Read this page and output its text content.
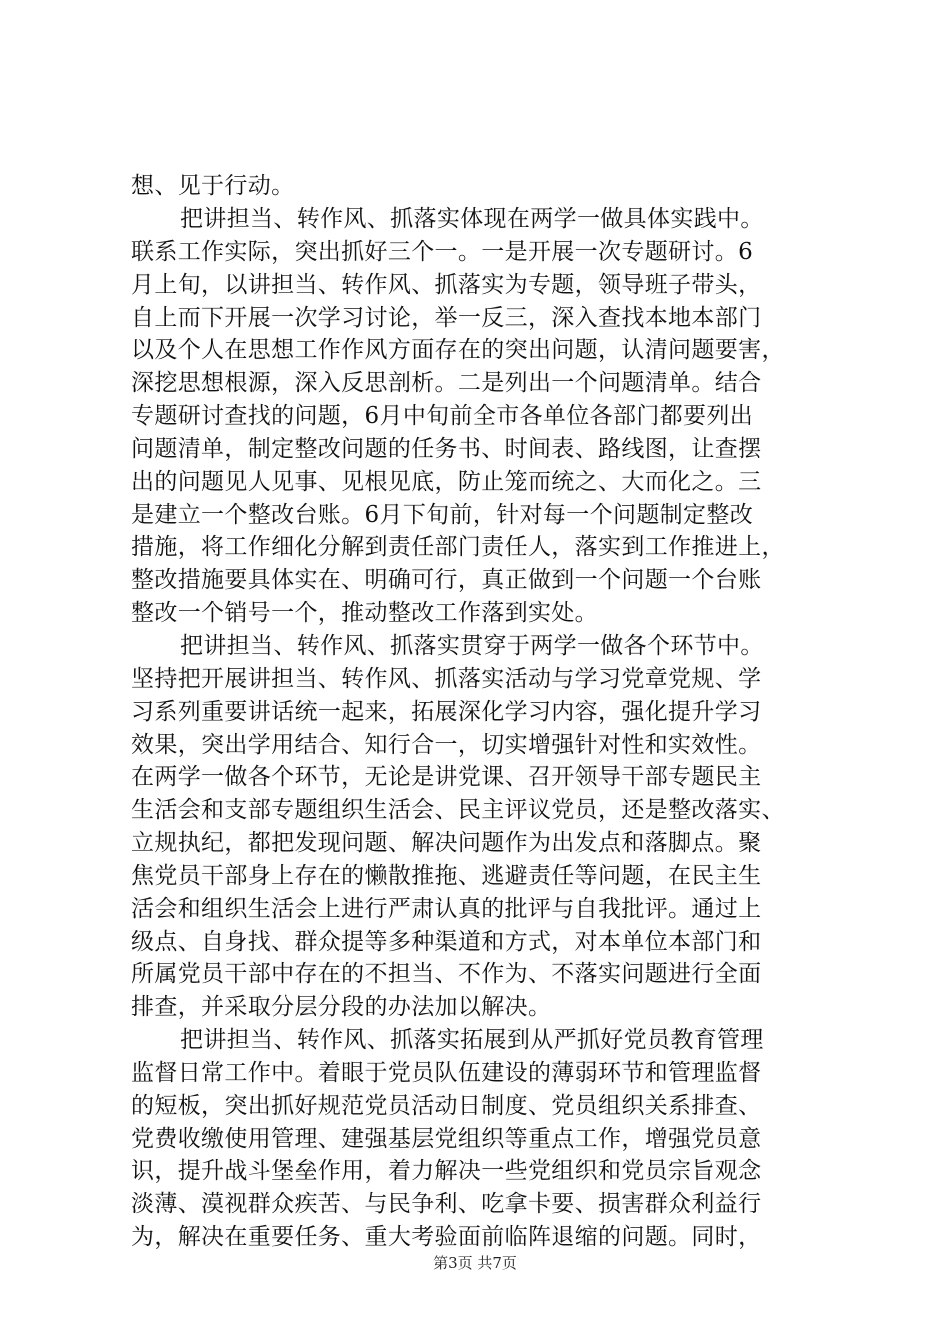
想、见于行动。
把讲担当、转作风、抓落实体现在两学一做具体实践中。
联系工作实际，突出抓好三个一。一是开展一次专题研讨。6
月上旬，以讲担当、转作风、抓落实为专题，领导班子带头，
自上而下开展一次学习讨论，举一反三，深入查找本地本部门
以及个人在思想工作作风方面存在的突出问题，认清问题要害，
深挖思想根源，深入反思剖析。二是列出一个问题清单。结合
专题研讨查找的问题，6月中旬前全市各单位各部门都要列出
问题清单，制定整改问题的任务书、时间表、路线图，让查摆
出的问题见人见事、见根见底，防止笼而统之、大而化之。三
是建立一个整改台账。6月下旬前，针对每一个问题制定整改
措施，将工作细化分解到责任部门责任人，落实到工作推进上，
整改措施要具体实在、明确可行，真正做到一个问题一个台账
整改一个销号一个，推动整改工作落到实处。
把讲担当、转作风、抓落实贯穿于两学一做各个环节中。
坚持把开展讲担当、转作风、抓落实活动与学习党章党规、学
习系列重要讲话统一起来，拓展深化学习内容，强化提升学习
效果，突出学用结合、知行合一，切实增强针对性和实效性。
在两学一做各个环节，无论是讲党课、召开领导干部专题民主
生活会和支部专题组织生活会、民主评议党员，还是整改落实、
立规执纪，都把发现问题、解决问题作为出发点和落脚点。聚
焦党员干部身上存在的懒散推拖、逃避责任等问题，在民主生
活会和组织生活会上进行严肃认真的批评与自我批评。通过上
级点、自身找、群众提等多种渠道和方式，对本单位本部门和
所属党员干部中存在的不担当、不作为、不落实问题进行全面
排查，并采取分层分段的办法加以解决。
把讲担当、转作风、抓落实拓展到从严抓好党员教育管理
监督日常工作中。着眼于党员队伍建设的薄弱环节和管理监督
的短板，突出抓好规范党员活动日制度、党员组织关系排查、
党费收缴使用管理、建强基层党组织等重点工作，增强党员意
识，提升战斗堡垒作用，着力解决一些党组织和党员宗旨观念
淡薄、漠视群众疾苦、与民争利、吃拿卡要、损害群众利益行
为，解决在重要任务、重大考验面前临阵退缩的问题。同时，
第3页 共7页
